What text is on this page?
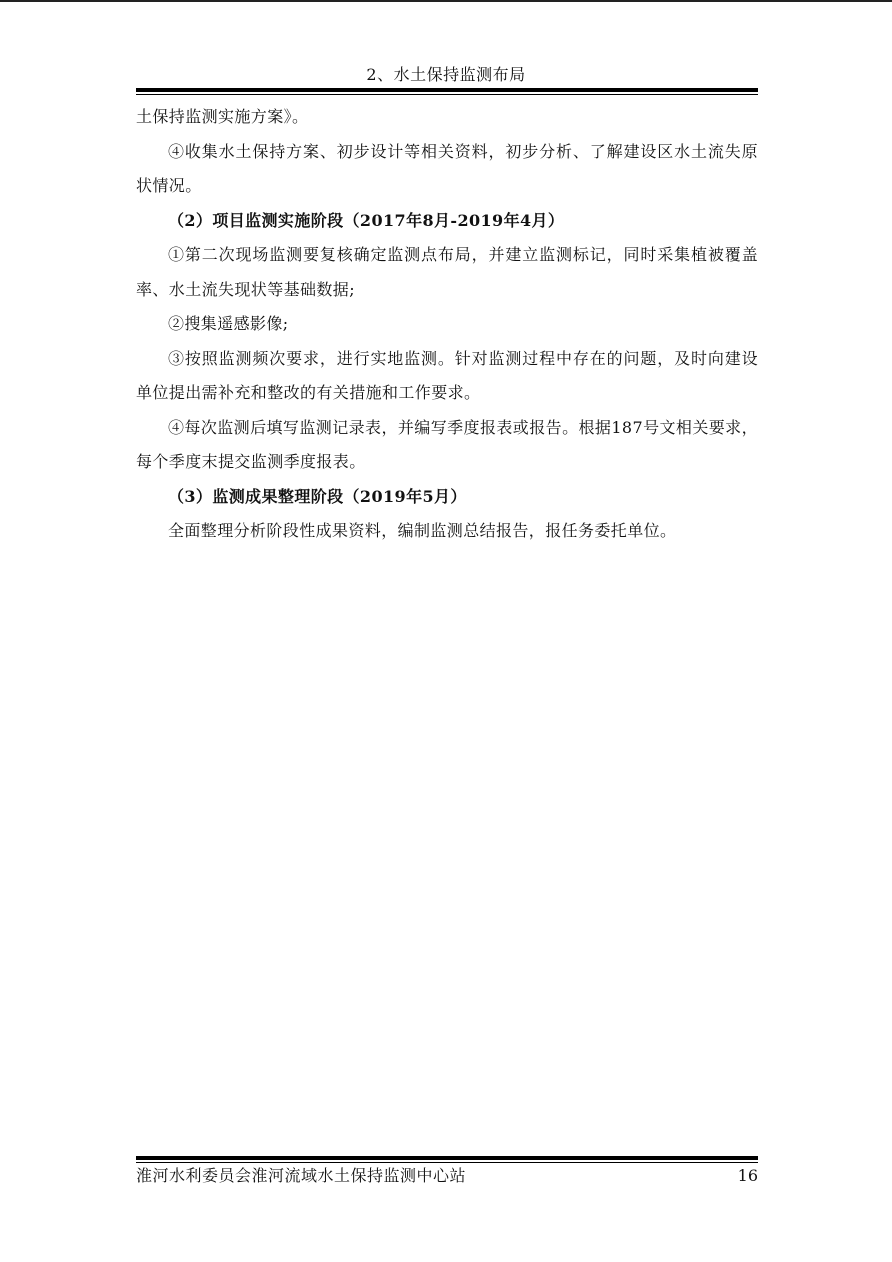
2、水土保持监测布局

土保持监测实施方案》。

④收集水土保持方案、初步设计等相关资料，初步分析、了解建设区水土流失原状情况。

（2）项目监测实施阶段（2017年8月-2019年4月）

①第二次现场监测要复核确定监测点布局，并建立监测标记，同时采集植被覆盖率、水土流失现状等基础数据;

②搜集遥感影像;

③按照监测频次要求，进行实地监测。针对监测过程中存在的问题，及时向建设单位提出需补充和整改的有关措施和工作要求。

④每次监测后填写监测记录表，并编写季度报表或报告。根据187号文相关要求，每个季度末提交监测季度报表。

（3）监测成果整理阶段（2019年5月）

全面整理分析阶段性成果资料，编制监测总结报告，报任务委托单位。

淮河水利委员会淮河流域水土保持监测中心站	16
